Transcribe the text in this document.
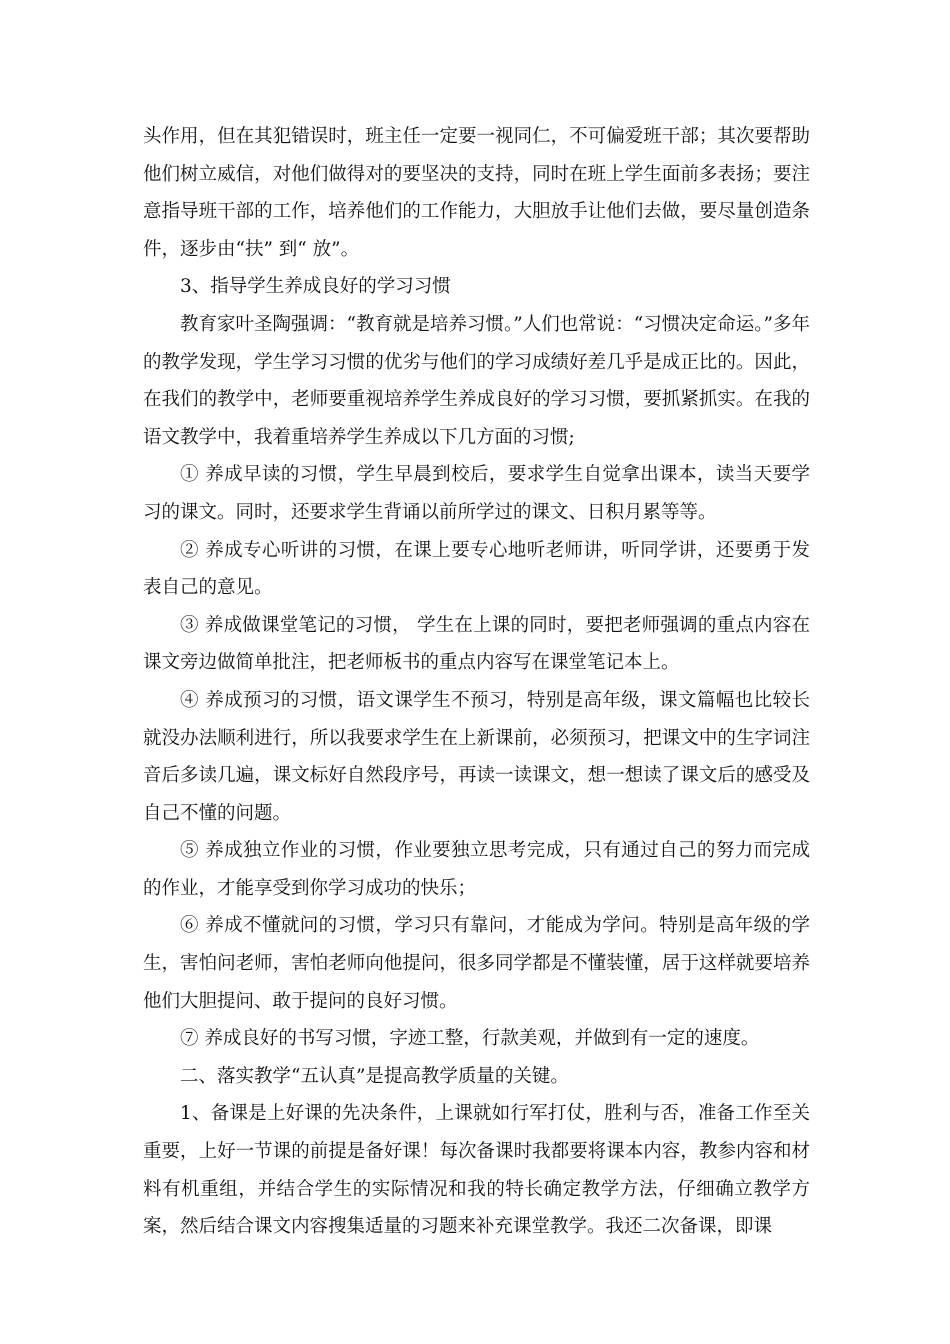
头作用，但在其犯错误时，班主任一定要一视同仁，不可偏爱班干部；其次要帮助他们树立威信，对他们做得对的要坚决的支持，同时在班上学生面前多表扬；要注意指导班干部的工作，培养他们的工作能力，大胆放手让他们去做，要尽量创造条件，逐步由“扶” 到“ 放”。

3、指导学生养成良好的学习习惯

教育家叶圣陶强调：“教育就是培养习惯。”人们也常说：“习惯决定命运。”多年的教学发现，学生学习习惯的优劣与他们的学习成绩好差几乎是成正比的。因此，在我们的教学中，老师要重视培养学生养成良好的学习习惯，要抓紧抓实。在我的语文教学中，我着重培养学生养成以下几方面的习惯;

① 养成早读的习惯，学生早晨到校后，要求学生自觉拿出课本，读当天要学习的课文。同时，还要求学生背诵以前所学过的课文、日积月累等等。

② 养成专心听讲的习惯，在课上要专心地听老师讲，听同学讲，还要勇于发表自己的意见。

③ 养成做课堂笔记的习惯， 学生在上课的同时，要把老师强调的重点内容在课文旁边做简单批注，把老师板书的重点内容写在课堂笔记本上。

④ 养成预习的习惯，语文课学生不预习，特别是高年级，课文篇幅也比较长就没办法顺利进行，所以我要求学生在上新课前，必须预习，把课文中的生字词注音后多读几遍，课文标好自然段序号，再读一读课文，想一想读了课文后的感受及自己不懂的问题。

⑤ 养成独立作业的习惯，作业要独立思考完成，只有通过自己的努力而完成的作业，才能享受到你学习成功的快乐；

⑥ 养成不懂就问的习惯，学习只有靠问，才能成为学问。特别是高年级的学生，害怕问老师，害怕老师向他提问，很多同学都是不懂装懂，居于这样就要培养他们大胆提问、敢于提问的良好习惯。

⑦ 养成良好的书写习惯，字迹工整，行款美观，并做到有一定的速度。

二、落实教学“五认真”是提高教学质量的关键。

1、备课是上好课的先决条件，上课就如行军打仗，胜利与否，准备工作至关重要，上好一节课的前提是备好课！每次备课时我都要将课本内容，教参内容和材料有机重组，并结合学生的实际情况和我的特长确定教学方法，仔细确立教学方案，然后结合课文内容搜集适量的习题来补充课堂教学。我还二次备课，即课
